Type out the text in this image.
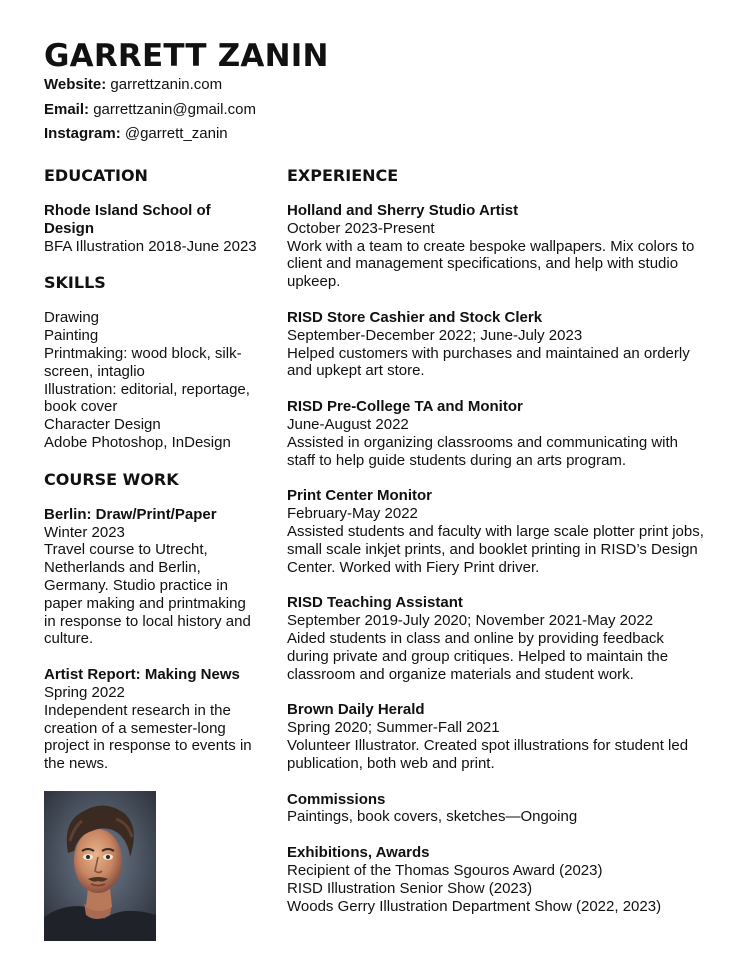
GARRETT ZANIN
Website: garrettzanin.com
Email: garrettzanin@gmail.com
Instagram: @garrett_zanin
EDUCATION
Rhode Island School of Design
BFA Illustration 2018-June 2023
SKILLS
Drawing
Painting
Printmaking: wood block, silk-screen, intaglio
Illustration: editorial, reportage, book cover
Character Design
Adobe Photoshop, InDesign
COURSE WORK
Berlin: Draw/Print/Paper
Winter 2023
Travel course to Utrecht, Netherlands and Berlin, Germany. Studio practice in paper making and printmaking in response to local history and culture.
Artist Report: Making News
Spring 2022
Independent research in the creation of a semester-long project in response to events in the news.
EXPERIENCE
Holland and Sherry Studio Artist
October 2023-Present
Work with a team to create bespoke wallpapers. Mix colors to client and management specifications, and help with studio upkeep.
RISD Store Cashier and Stock Clerk
September-December 2022; June-July 2023
Helped customers with purchases and maintained an orderly and upkept art store.
RISD Pre-College TA and Monitor
June-August 2022
Assisted in organizing classrooms and communicating with staff to help guide students during an arts program.
Print Center Monitor
February-May 2022
Assisted students and faculty with large scale plotter print jobs, small scale inkjet prints, and booklet printing in RISD’s Design Center. Worked with Fiery Print driver.
RISD Teaching Assistant
September 2019-July 2020; November 2021-May 2022
Aided students in class and online by providing feedback during private and group critiques. Helped to maintain the classroom and organize materials and student work.
Brown Daily Herald
Spring 2020; Summer-Fall 2021
Volunteer Illustrator. Created spot illustrations for student led publication, both web and print.
Commissions
Paintings, book covers, sketches—Ongoing
Exhibitions, Awards
Recipient of the Thomas Sgouros Award (2023)
RISD Illustration Senior Show (2023)
Woods Gerry Illustration Department Show (2022, 2023)
